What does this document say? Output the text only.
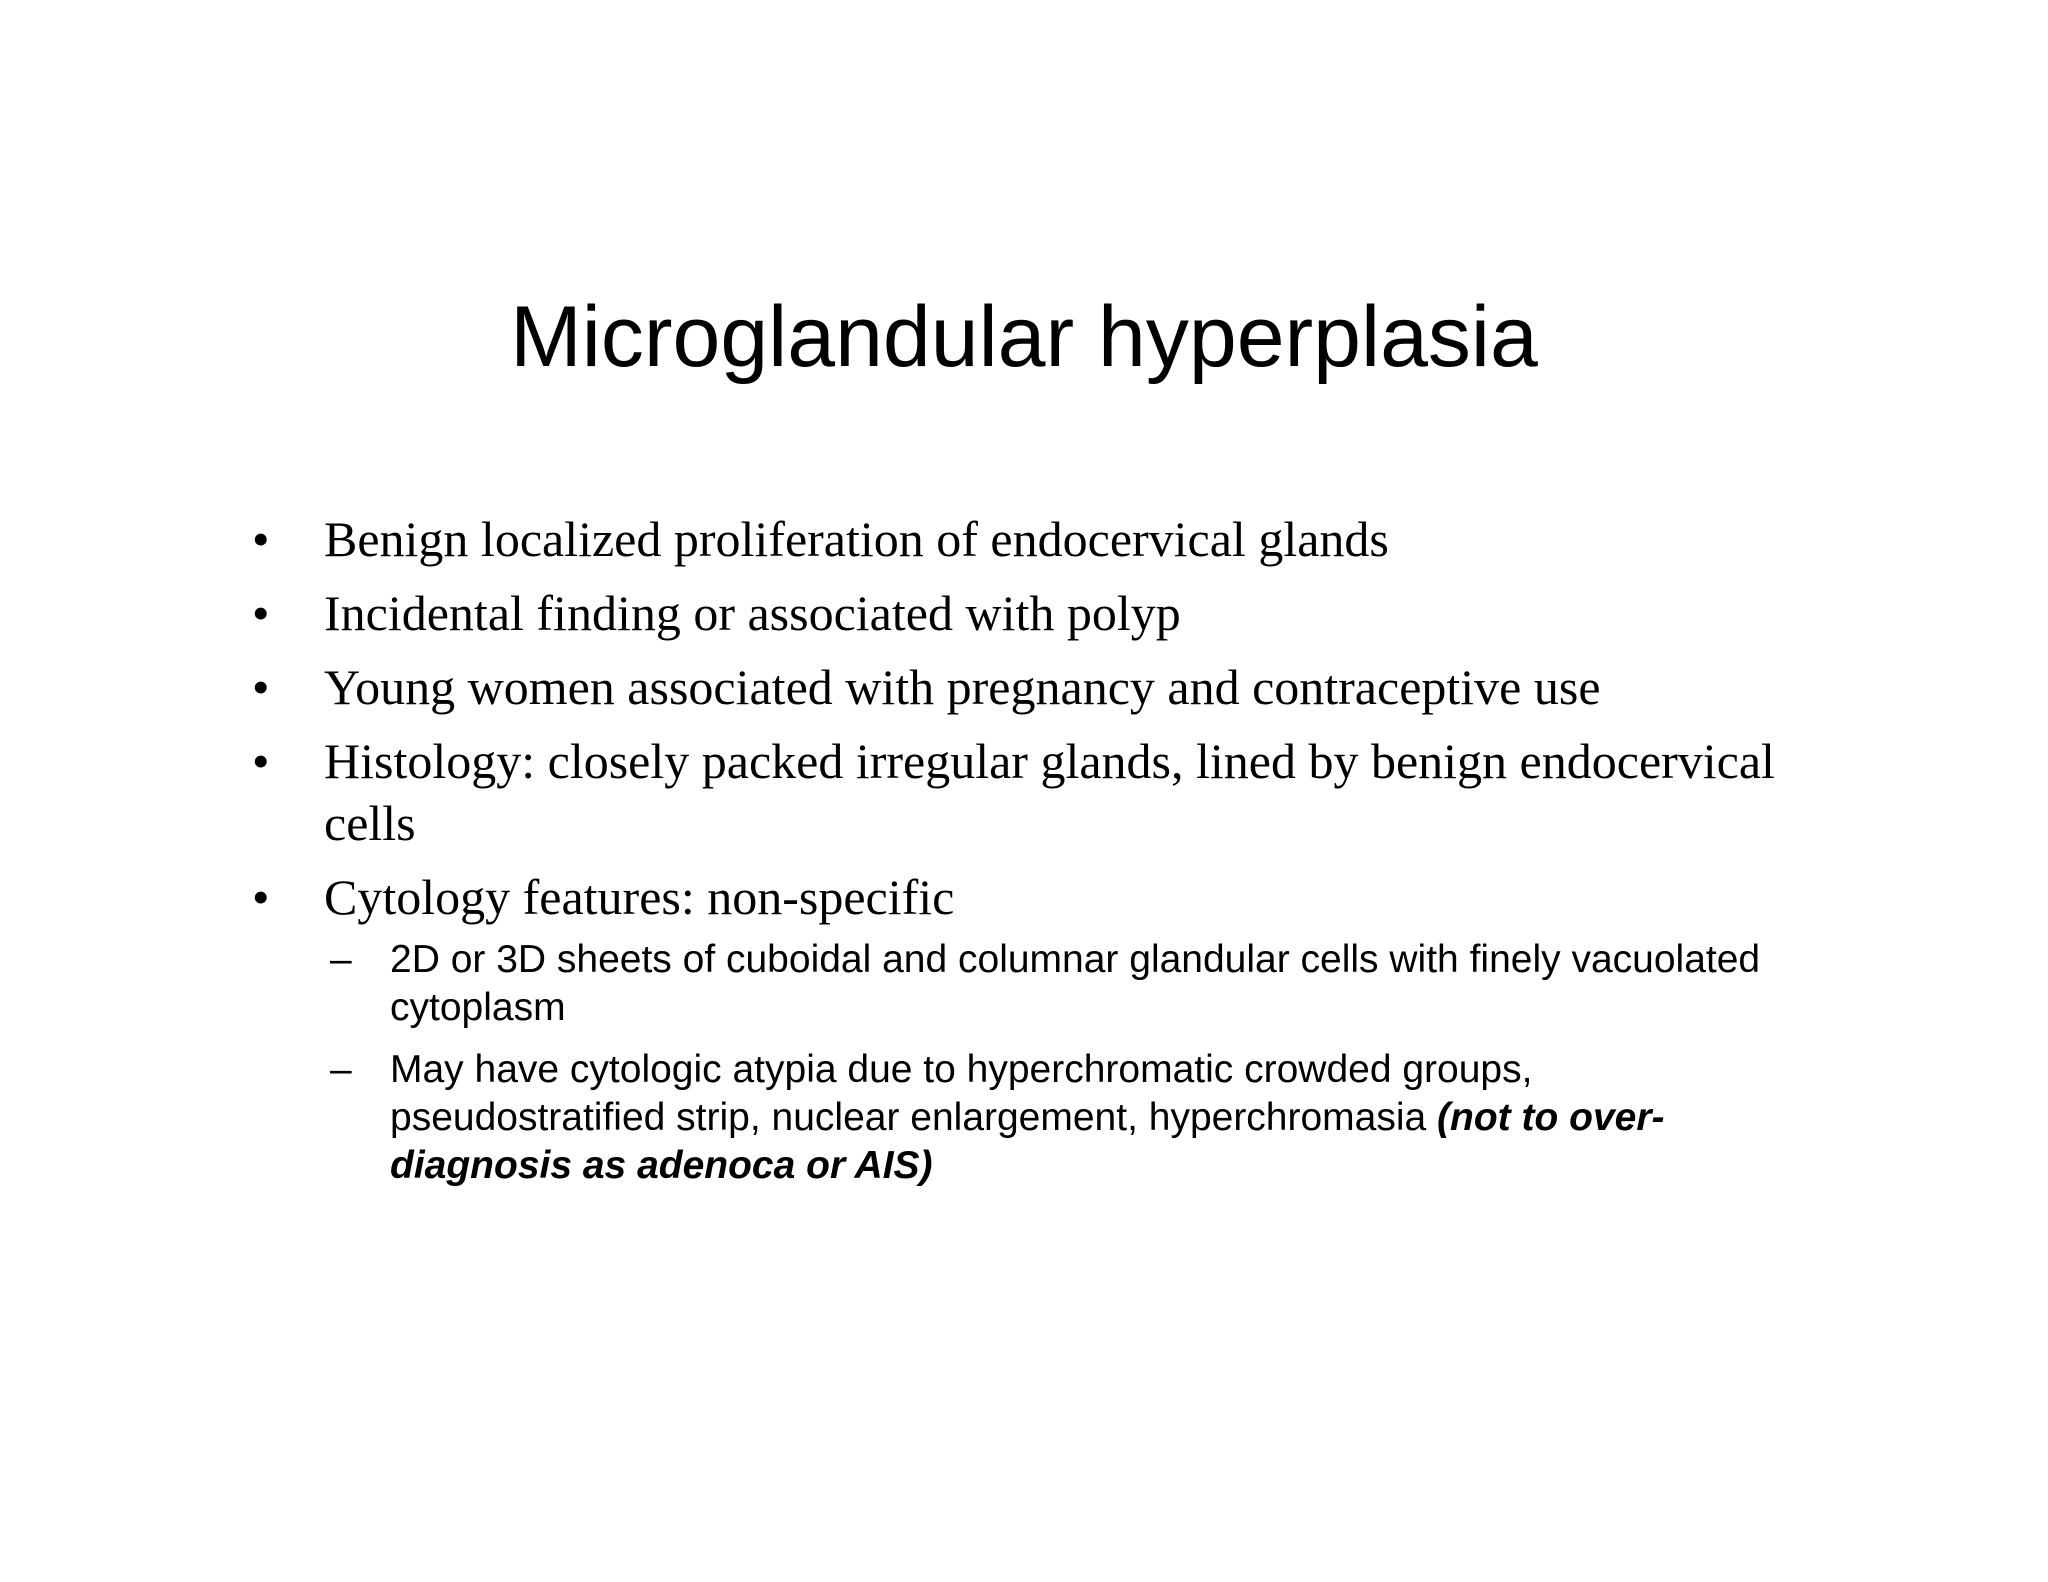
Microglandular hyperplasia
• Benign localized proliferation of endocervical glands
• Incidental finding or associated with polyp
• Young women associated with pregnancy and contraceptive use
• Histology: closely packed irregular glands, lined by benign endocervical cells
• Cytology features: non-specific
– 2D or 3D sheets of cuboidal and columnar glandular cells with finely vacuolated cytoplasm
– May have cytologic atypia due to hyperchromatic crowded groups, pseudostratified strip, nuclear enlargement, hyperchromasia (not to over-diagnosis as adenoca or AIS)
